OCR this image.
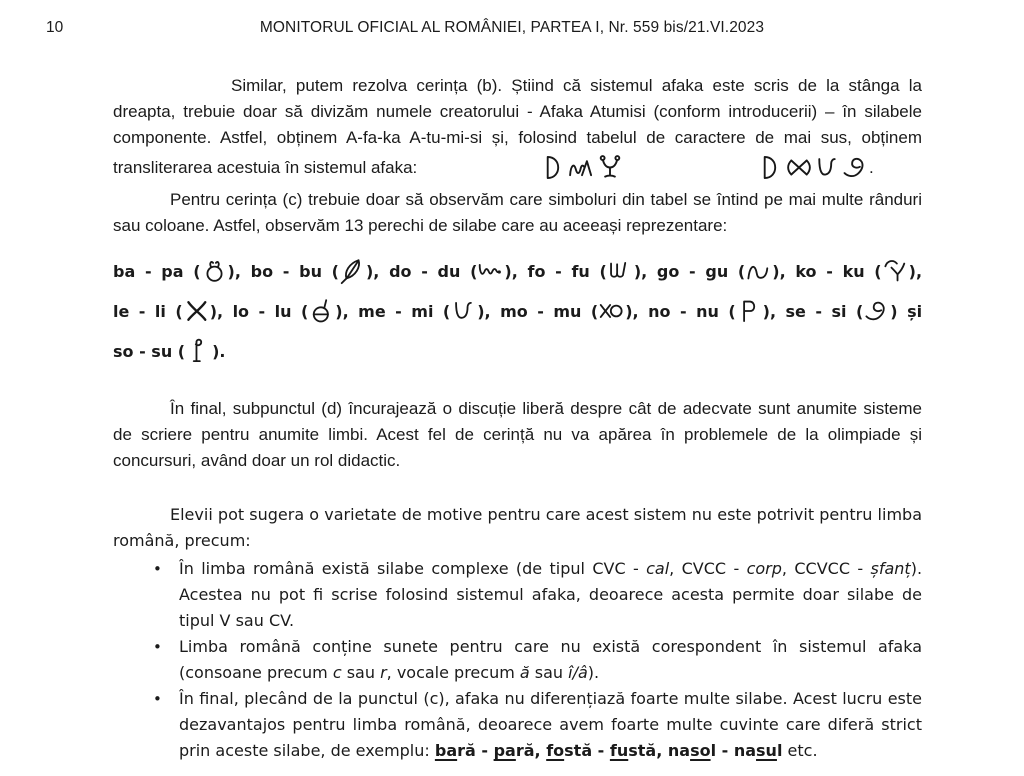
10	MONITORUL OFICIAL AL ROMÂNIEI, PARTEA I, Nr. 559 bis/21.VI.2023

Similar, putem rezolva cerința (b). Știind că sistemul afaka este scris de la stânga la dreapta, trebuie doar să divizăm numele creatorului - Afaka Atumisi (conform introducerii) – în silabele componente. Astfel, obținem A-fa-ka A-tu-mi-si și, folosind tabelul de caractere de mai sus, obținem transliterarea acestuia în sistemul afaka:	.

Pentru cerința (c) trebuie doar să observăm care simboluri din tabel se întind pe mai multe rânduri sau coloane. Astfel, observăm 13 perechi de silabe care au aceeași reprezentare:

ba - pa ( ), bo - bu ( ), do - du ( ), fo - fu ( ), go - gu ( ), ko - ku ( ), le - li ( ), lo - lu ( ), me - mi ( ), mo - mu ( ), no - nu ( ), se - si ( ) și so - su ( ).

În final, subpunctul (d) încurajează o discuție liberă despre cât de adecvate sunt anumite sisteme de scriere pentru anumite limbi. Acest fel de cerință nu va apărea în problemele de la olimpiade și concursuri, având doar un rol didactic.

Elevii pot sugera o varietate de motive pentru care acest sistem nu este potrivit pentru limba română, precum:

• În limba română există silabe complexe (de tipul CVC - cal, CVCC - corp, CCVCC - șfanț). Acestea nu pot fi scrise folosind sistemul afaka, deoarece acesta permite doar silabe de tipul V sau CV.

• Limba română conține sunete pentru care nu există corespondent în sistemul afaka (consoane precum c sau r, vocale precum ă sau î/â).

• În final, plecând de la punctul (c), afaka nu diferențiază foarte multe silabe. Acest lucru este dezavantajos pentru limba română, deoarece avem foarte multe cuvinte care diferă strict prin aceste silabe, de exemplu: bară - pară, fostă - fustă, nasol - nasul etc.
